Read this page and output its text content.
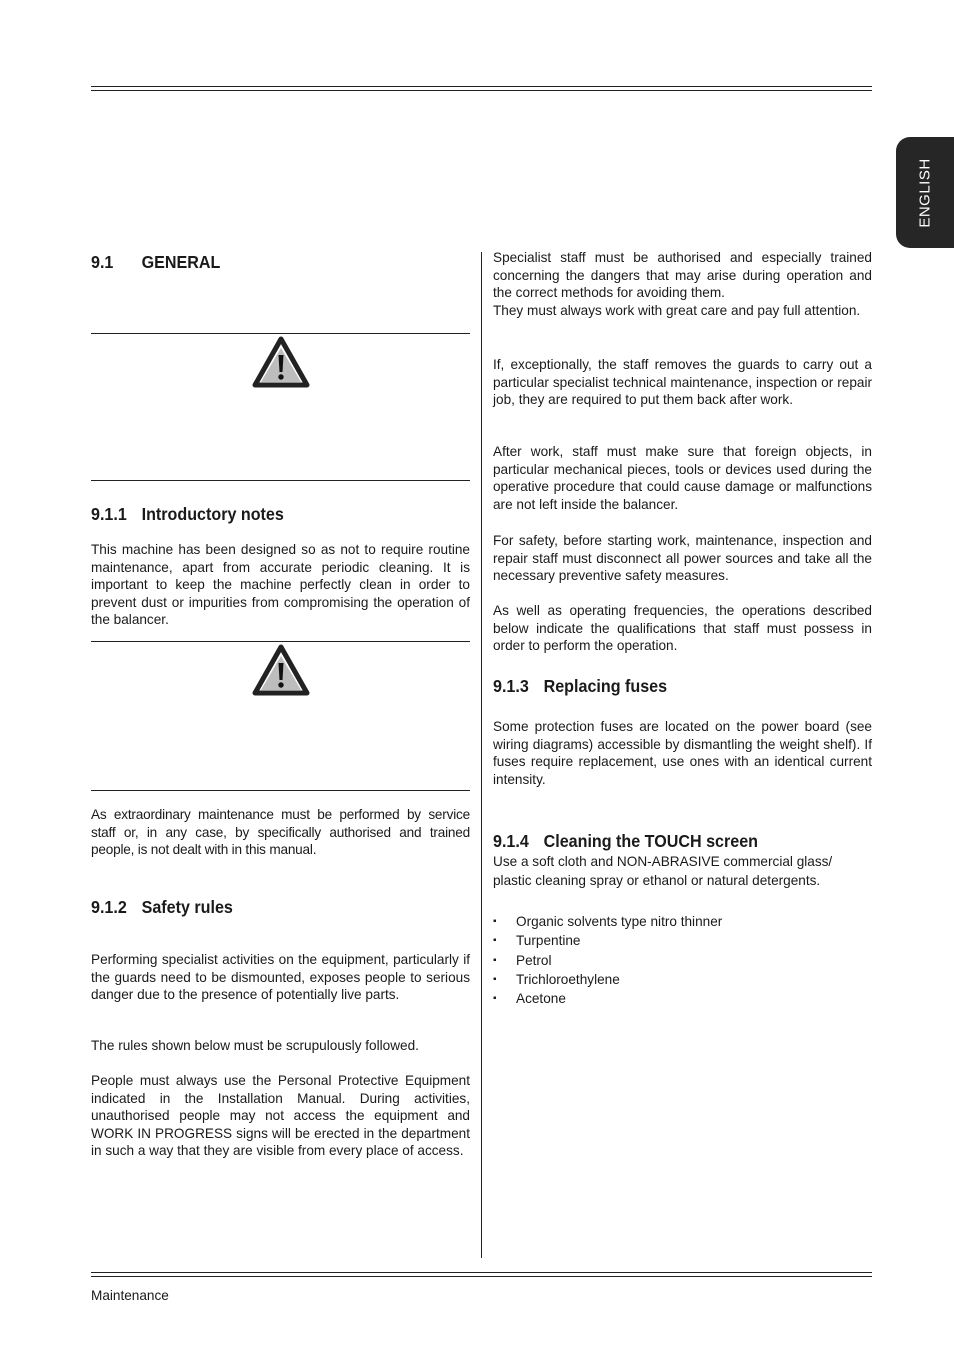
ENGLISH
9.1 GENERAL
9.1.1 Introductory notes

This machine has been designed so as not to require routine maintenance, apart from accurate periodic cleaning. It is important to keep the machine perfectly clean in order to prevent dust or impurities from compromising the operation of the balancer.

As extraordinary maintenance must be performed by service staff or, in any case, by specifically authorised and trained people, is not dealt with in this manual.

9.1.2 Safety rules

Performing specialist activities on the equipment, particularly if the guards need to be dismounted, exposes people to serious danger due to the presence of potentially live parts.

The rules shown below must be scrupulously followed.

People must always use the Personal Protective Equipment indicated in the Installation Manual. During activities, unauthorised people may not access the equipment and WORK IN PROGRESS signs will be erected in the department in such a way that they are visible from every place of access.

Specialist staff must be authorised and especially trained concerning the dangers that may arise during operation and the correct methods for avoiding them.

They must always work with great care and pay full attention.

If, exceptionally, the staff removes the guards to carry out a particular specialist technical maintenance, inspection or repair job, they are required to put them back after work.

After work, staff must make sure that foreign objects, in particular mechanical pieces, tools or devices used during the operative procedure that could cause damage or malfunctions are not left inside the balancer.

For safety, before starting work, maintenance, inspection and repair staff must disconnect all power sources and take all the necessary preventive safety measures.

As well as operating frequencies, the operations described below indicate the qualifications that staff must possess in order to perform the operation.

9.1.3 Replacing fuses

Some protection fuses are located on the power board (see wiring diagrams) accessible by dismantling the weight shelf). If fuses require replacement, use ones with an identical current intensity.

9.1.4 Cleaning the TOUCH screen
Use a soft cloth and NON-ABRASIVE commercial glass/
plastic cleaning spray or ethanol or natural detergents.
▪ Organic solvents type nitro thinner
▪ Turpentine
▪ Petrol
▪ Trichloroethylene
▪ Acetone
Maintenance
